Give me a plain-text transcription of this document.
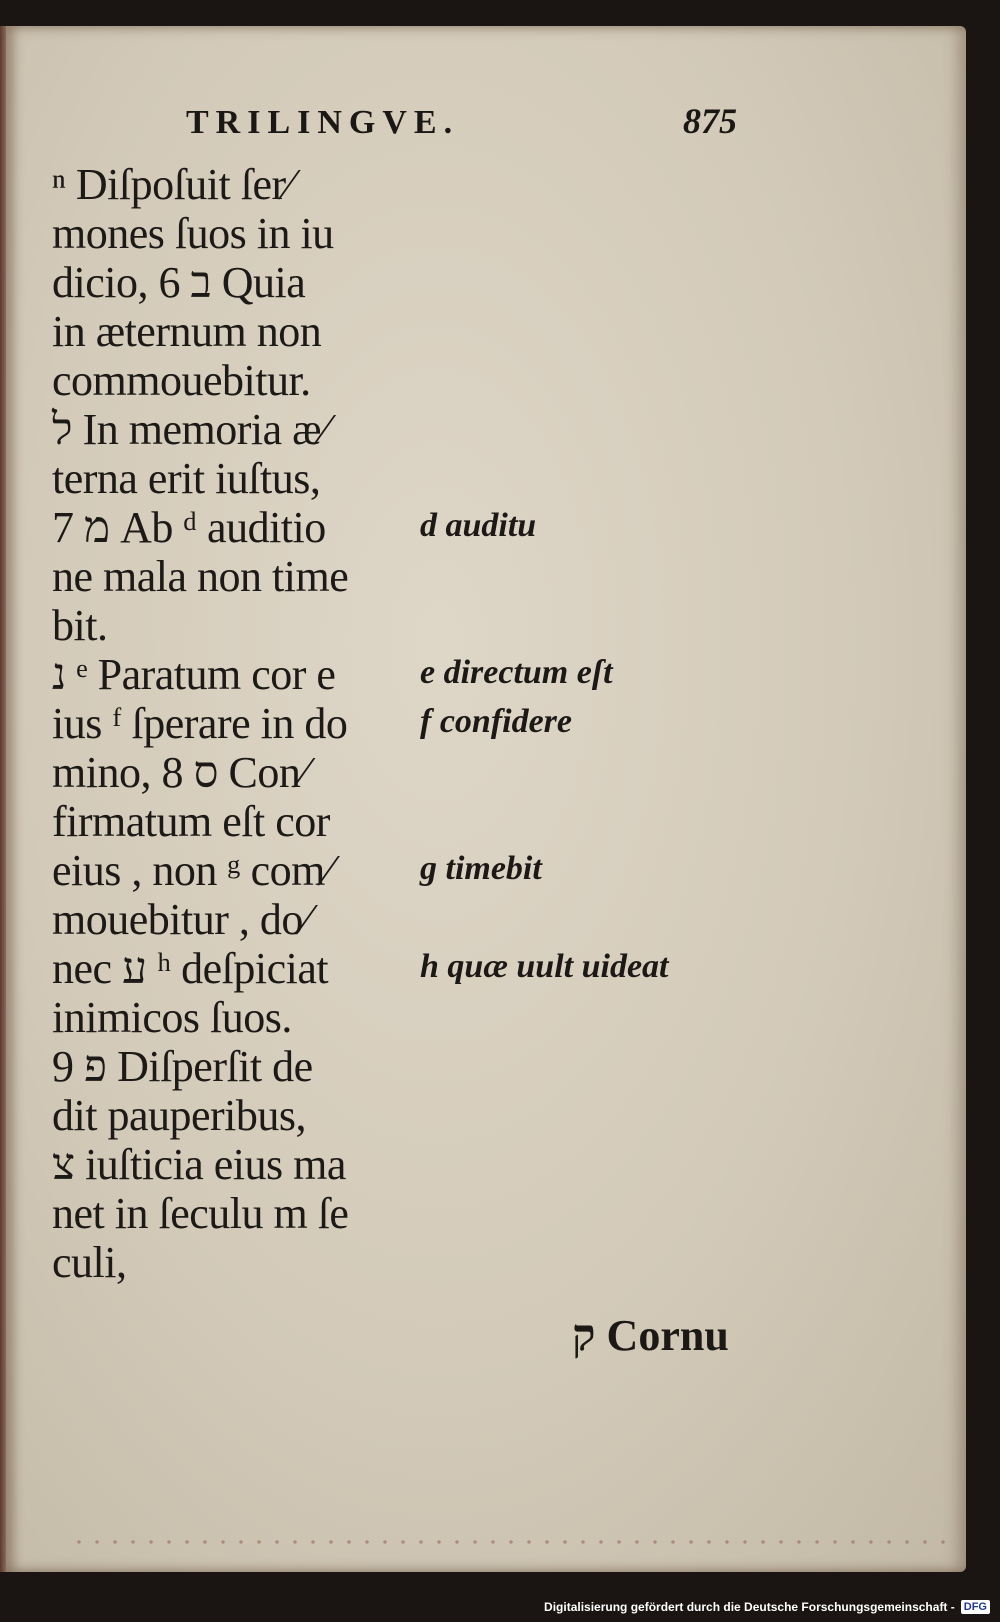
TRILINGVE.	875
ⁿ Diſpoſuit ſer⁄
mones ſuos in iu
dicio, ב 6 Quia
in æternum non
commouebitur.
ל In memoria æ⁄
terna erit iuſtus,
מ 7 Ab ᵈ auditio
ne mala non time
bit.
נ ᵉ Paratum cor e
ius ᶠ ſperare in do
mino, ס 8 Con⁄
firmatum eſt cor
eius , non ᵍ com⁄
mouebitur , do⁄
nec ע ʰ deſpiciat
inimicos ſuos.
פ 9 Diſperſit de
dit pauperibus,
צ iuſticia eius ma
net in ſeculu m ſe
culi,
d auditu
e directum eſt
f confidere
g timebit
h quæ uult uideat
ק Cornu
Digitalisierung gefördert durch die Deutsche Forschungsgemeinschaft - DFG
